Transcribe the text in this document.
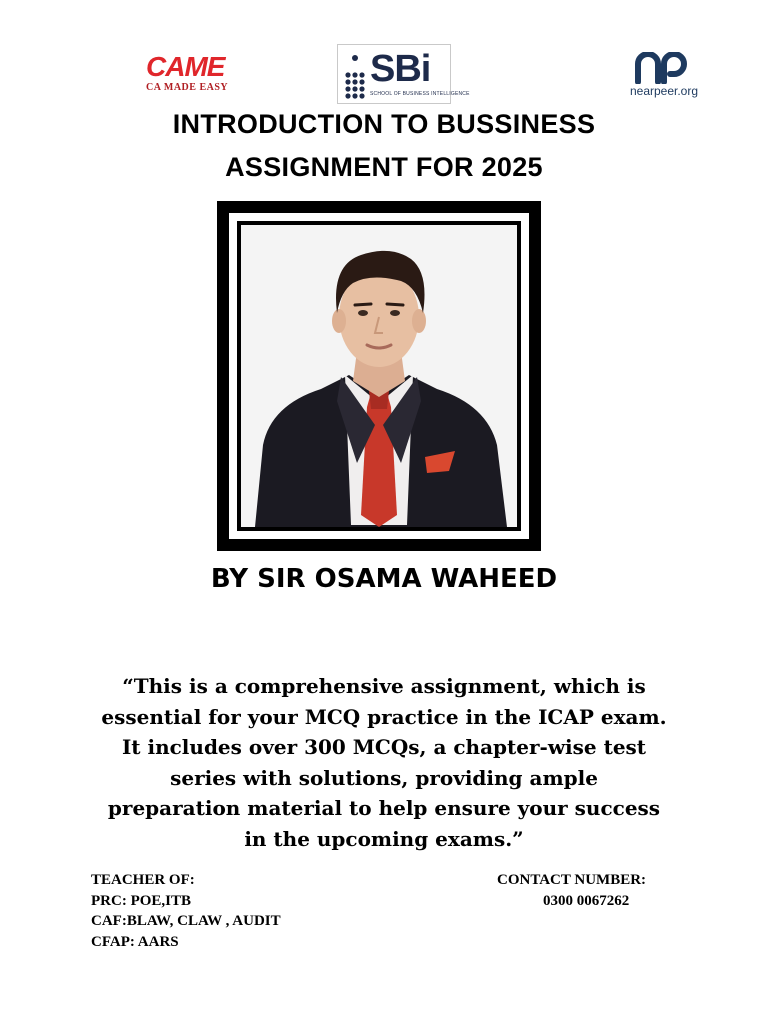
CAME
CA MADE EASY	SBi
SCHOOL OF BUSINESS INTELLIGENCE	nearpeer.org
INTRODUCTION TO BUSSINESS
ASSIGNMENT FOR 2025
BY SIR OSAMA WAHEED
“This is a comprehensive assignment, which is
essential for your MCQ practice in the ICAP exam.
It includes over 300 MCQs, a chapter-wise test
series with solutions, providing ample
preparation material to help ensure your success
in the upcoming exams.”
TEACHER OF:
PRC: POE,ITB
CAF:BLAW, CLAW , AUDIT
CFAP: AARS
CONTACT NUMBER:
0300 0067262
